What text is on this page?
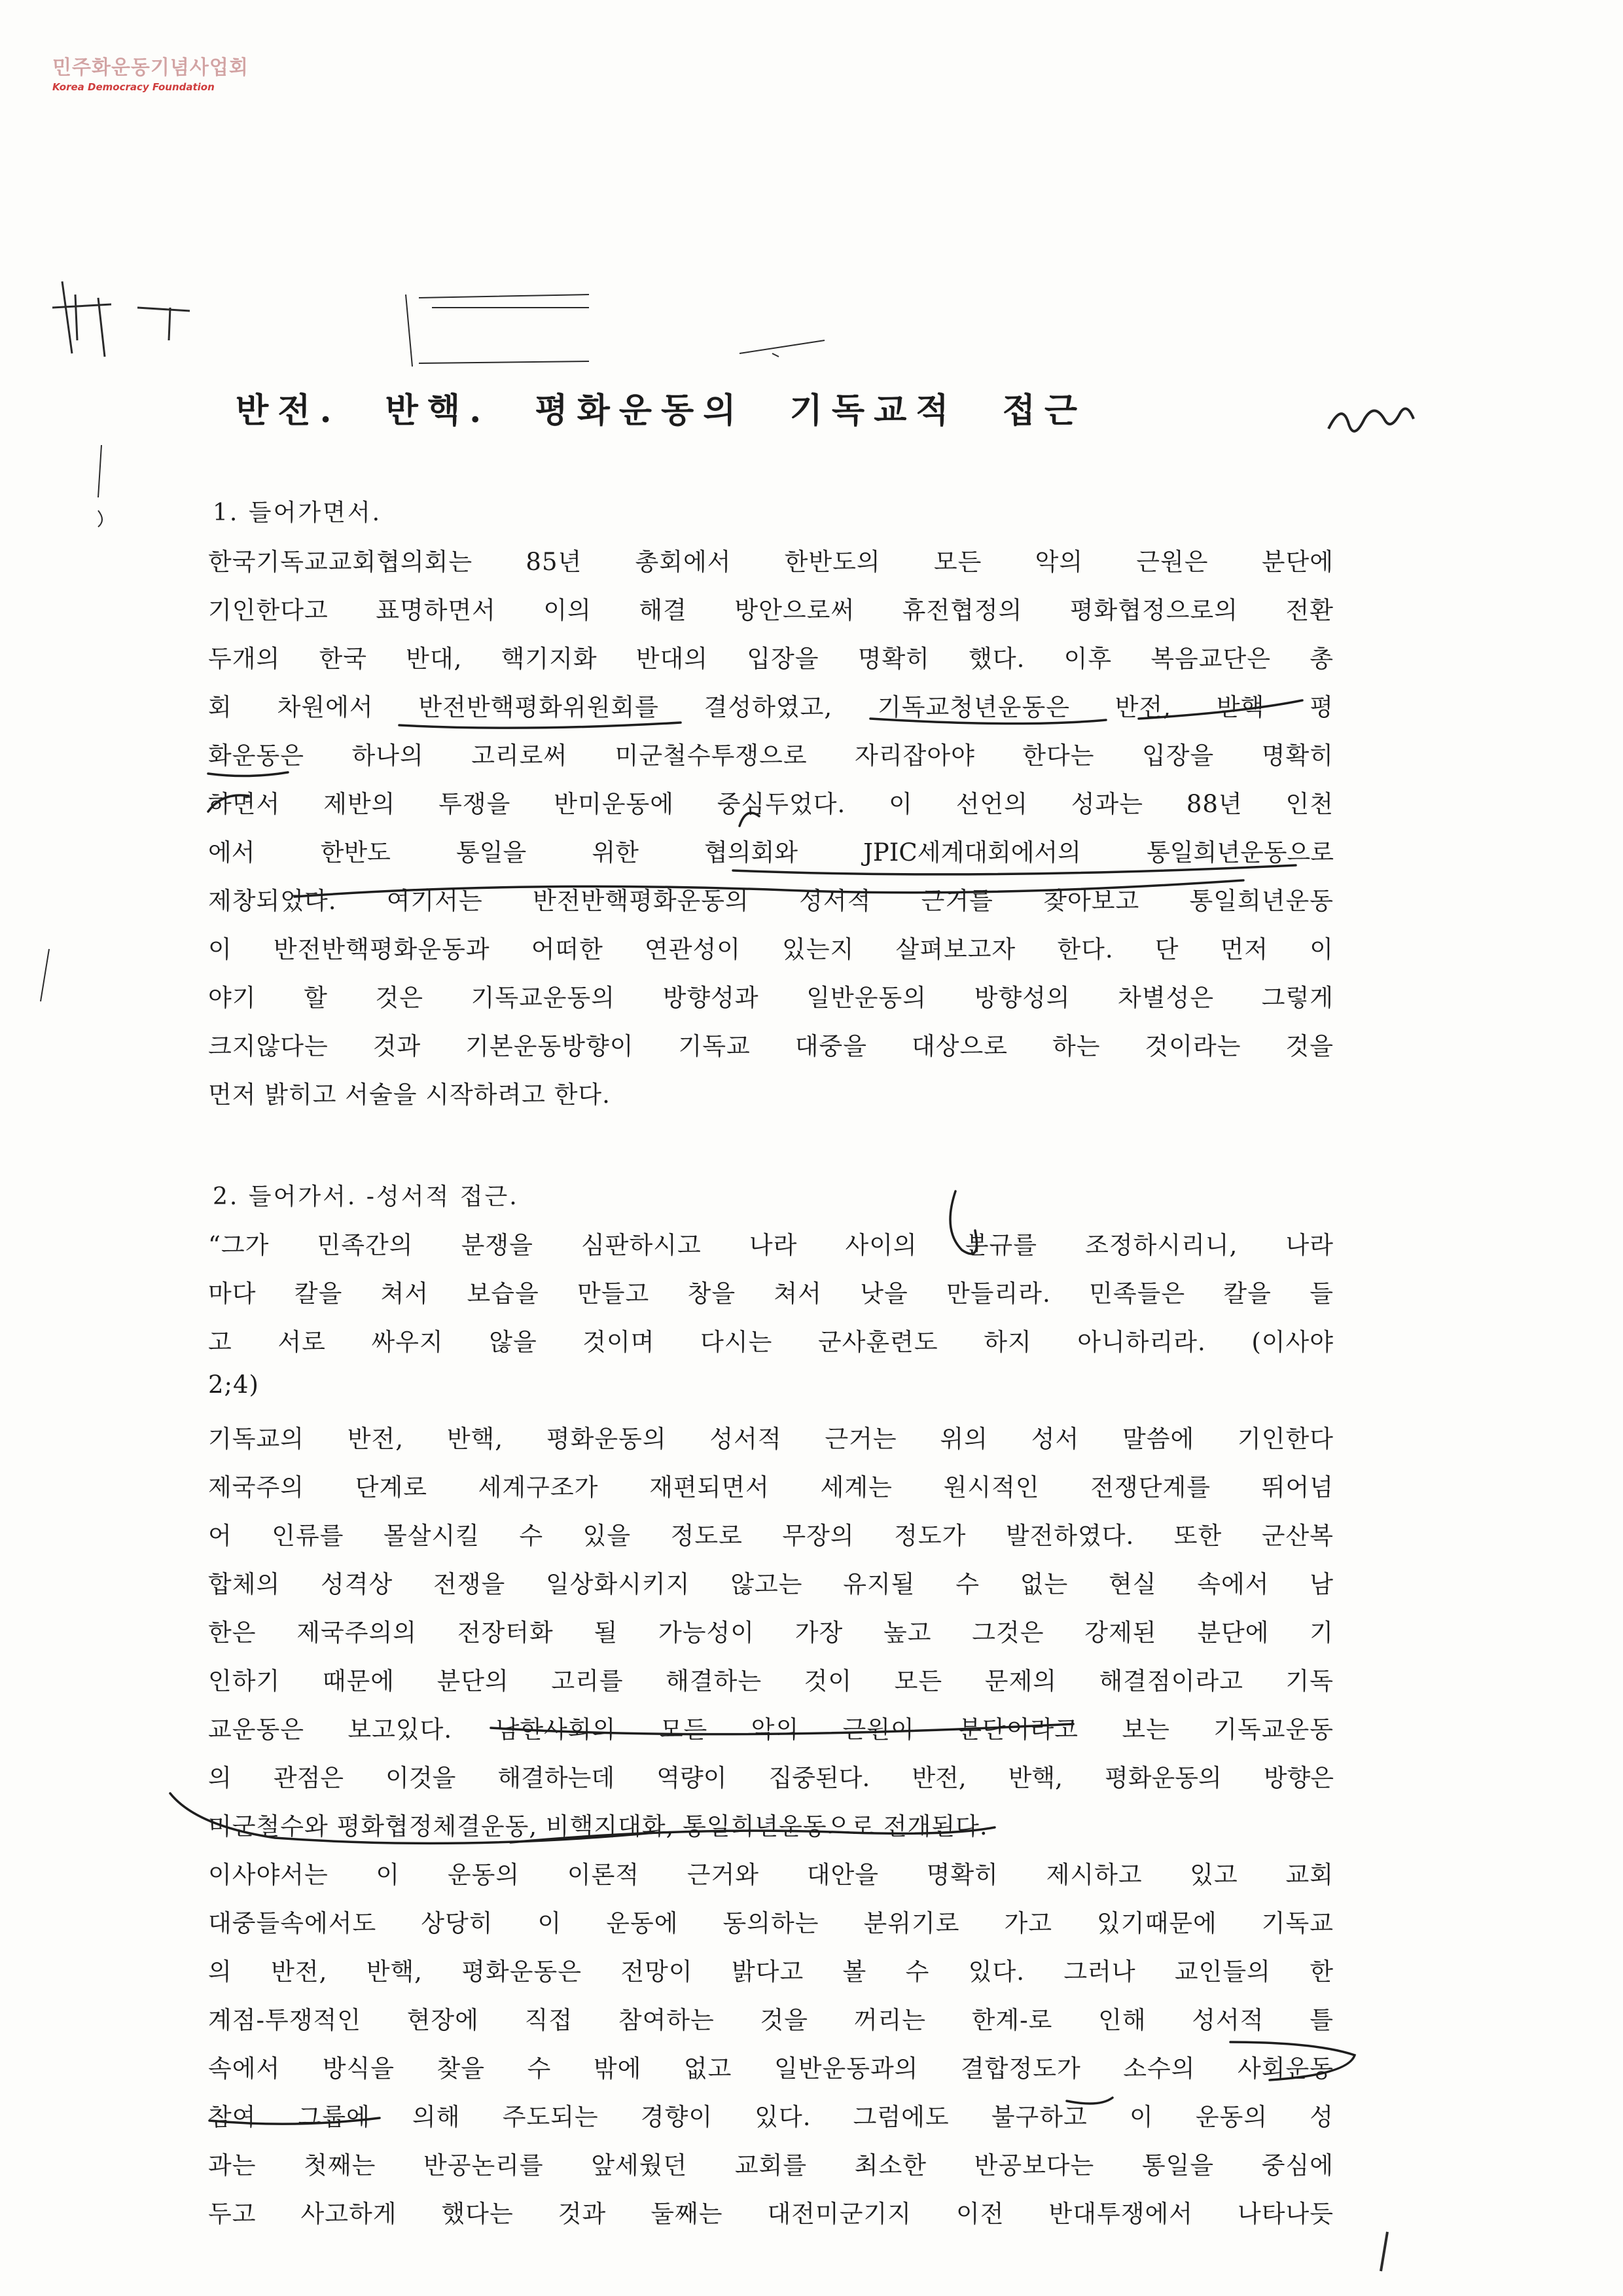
민주화운동기념사업회
Korea Democracy Foundation
반전. 반핵. 평화운동의 기독교적 접근
1. 들어가면서.
한국기독교교회협의회는 85년 총회에서 한반도의 모든 악의 근원은 분단에
기인한다고 표명하면서 이의 해결 방안으로써 휴전협정의 평화협정으로의 전환
두개의 한국 반대, 핵기지화 반대의 입장을 명확히 했다. 이후 복음교단은 총
회 차원에서 반전반핵평화위원회를 결성하였고, 기독교청년운동은 반전, 반핵 평
화운동은 하나의 고리로써 미군철수투쟁으로 자리잡아야 한다는 입장을 명확히
하면서 제반의 투쟁을 반미운동에 중심두었다. 이 선언의 성과는 88년 인천
에서 한반도 통일을 위한 협의회와 JPIC세계대회에서의 통일희년운동으로
제창되었다. 여기서는 반전반핵평화운동의 성서적 근거를 찾아보고 통일희년운동
이 반전반핵평화운동과 어떠한 연관성이 있는지 살펴보고자 한다. 단 먼저 이
야기 할 것은 기독교운동의 방향성과 일반운동의 방향성의 차별성은 그렇게
크지않다는 것과 기본운동방향이 기독교 대중을 대상으로 하는 것이라는 것을
먼저 밝히고 서술을 시작하려고 한다.
2. 들어가서. -성서적 접근.
“그가 민족간의 분쟁을 심판하시고 나라 사이의 분규를 조정하시리니, 나라
마다 칼을 쳐서 보습을 만들고 창을 쳐서 낫을 만들리라. 민족들은 칼을 들
고 서로 싸우지 않을 것이며 다시는 군사훈련도 하지 아니하리라. (이사야
2;4)
기독교의 반전, 반핵, 평화운동의 성서적 근거는 위의 성서 말씀에 기인한다
제국주의 단계로 세계구조가 재편되면서 세계는 원시적인 전쟁단계를 뛰어넘
어 인류를 몰살시킬 수 있을 정도로 무장의 정도가 발전하였다. 또한 군산복
합체의 성격상 전쟁을 일상화시키지 않고는 유지될 수 없는 현실 속에서 남
한은 제국주의의 전장터화 될 가능성이 가장 높고 그것은 강제된 분단에 기
인하기 때문에 분단의 고리를 해결하는 것이 모든 문제의 해결점이라고 기독
교운동은 보고있다. 남한사회의 모든 악의 근원이 분단이라고 보는 기독교운동
의 관점은 이것을 해결하는데 역량이 집중된다. 반전, 반핵, 평화운동의 방향은
미군철수와 평화협정체결운동, 비핵지대화, 통일희년운동으로 전개된다.
이사야서는 이 운동의 이론적 근거와 대안을 명확히 제시하고 있고 교회
대중들속에서도 상당히 이 운동에 동의하는 분위기로 가고 있기때문에 기독교
의 반전, 반핵, 평화운동은 전망이 밝다고 볼 수 있다. 그러나 교인들의 한
계점-투쟁적인 현장에 직접 참여하는 것을 꺼리는 한계-로 인해 성서적 틀
속에서 방식을 찾을 수 밖에 없고 일반운동과의 결합정도가 소수의 사회운동
참여 그룹에 의해 주도되는 경향이 있다. 그럼에도 불구하고 이 운동의 성
과는 첫째는 반공논리를 앞세웠던 교회를 최소한 반공보다는 통일을 중심에
두고 사고하게 했다는 것과 둘째는 대전미군기지 이전 반대투쟁에서 나타나듯
